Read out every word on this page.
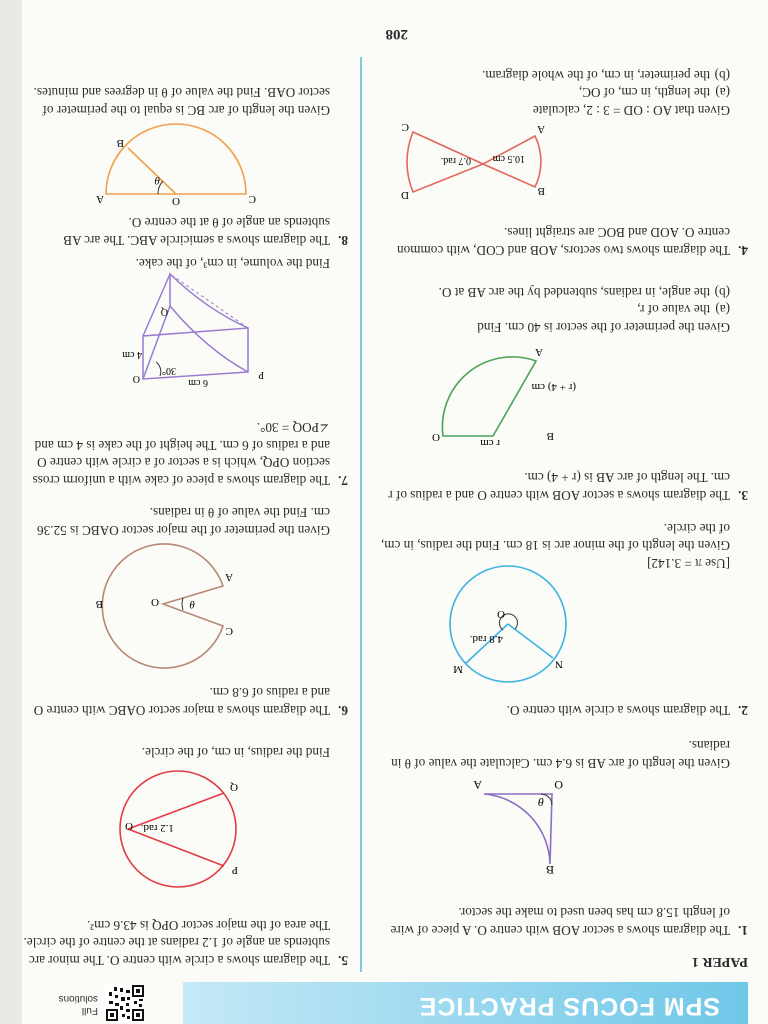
SPM FOCUS PRACTICE
Full
solutions
PAPER 1
1.
The diagram shows a sector AOB with centre O. A piece of wire of length 15.8 cm has been used to make the sector.
O
θ
A
B
Given the length of arc AB is 6.4 cm. Calculate the value of θ in radians.
2.
The diagram shows a circle with centre O.
O
4.8 rad.
N
M
[Use π = 3.142]
Given the length of the minor arc is 18 cm. Find the radius, in cm, of the circle.
3.
The diagram shows a sector AOB with centre O and a radius of r cm. The length of arc AB is (r + 4) cm.
r cm
O	B
A
(r + 4) cm
Given the perimeter of the sector is 40 cm. Find
(a)
the value of r,
(b)
the angle, in radians, subtended by the arc AB at O.
4.
The diagram shows two sectors, AOB and COD, with common centre O. AOD and BOC are straight lines.
B
A
D
C
10.5 cm
0.7 rad.
Given that AO : OD = 3 : 2, calculate
(a)
the length, in cm, of OC,
(b)
the perimeter, in cm, of the whole diagram.
5.
The diagram shows a circle with centre O. The minor arc subtends an angle of 1.2 radians at the centre of the circle. The area of the major sector OPQ is 43.6 cm².
O 1.2 rad.
P
Q
Find the radius, in cm, of the circle.
6.
The diagram shows a major sector OABC with centre O and a radius of 6.8 cm.
O	θ
A
C
B
Given the perimeter of the major sector OABC is 52.36 cm. Find the value of θ in radians.
7.
The diagram shows a piece of cake with a uniform cross section OPQ, which is a sector of a circle with centre O and a radius of 6 cm. The height of the cake is 4 cm and ∠POQ = 30°.
P
O
Q
6 cm
30°
4 cm
Find the volume, in cm³, of the cake.
8.
The diagram shows a semicircle ABC. The arc AB subtends an angle of θ at the centre O.
C
O
A
B
θ
Given the length of arc BC is equal to the perimeter of sector OAB. Find the value of θ in degrees and minutes.
208
